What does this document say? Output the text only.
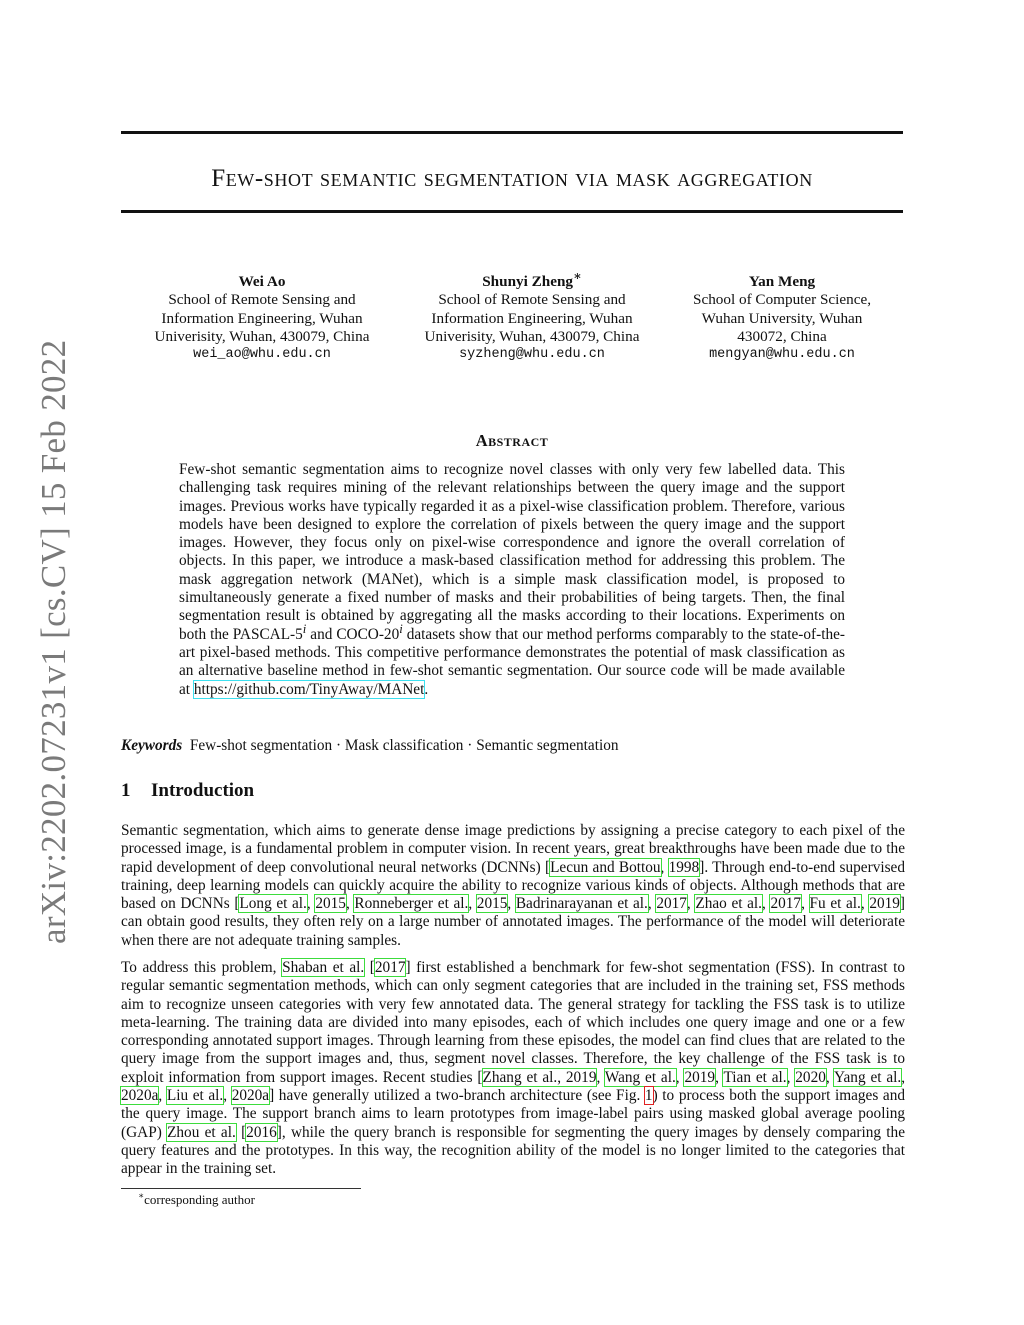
arXiv:2202.07231v1 [cs.CV] 15 Feb 2022
Few-shot semantic segmentation via mask aggregation
Wei Ao
School of Remote Sensing and
Information Engineering, Wuhan
Univerisity, Wuhan, 430079, China
wei_ao@whu.edu.cn
Shunyi Zheng∗
School of Remote Sensing and
Information Engineering, Wuhan
Univerisity, Wuhan, 430079, China
syzheng@whu.edu.cn
Yan Meng
School of Computer Science,
Wuhan University, Wuhan
430072, China
mengyan@whu.edu.cn
Abstract
Few-shot semantic segmentation aims to recognize novel classes with only very few labelled data. This challenging task requires mining of the relevant relationships between the query image and the support images. Previous works have typically regarded it as a pixel-wise classification problem. Therefore, various models have been designed to explore the correlation of pixels between the query image and the support images. However, they focus only on pixel-wise correspondence and ignore the overall correlation of objects. In this paper, we introduce a mask-based classification method for addressing this problem. The mask aggregation network (MANet), which is a simple mask classification model, is proposed to simultaneously generate a fixed number of masks and their probabilities of being targets. Then, the final segmentation result is obtained by aggregating all the masks according to their locations. Experiments on both the PASCAL-5$^i$ and COCO-20$^i$ datasets show that our method performs comparably to the state-of-the-art pixel-based methods. This competitive performance demonstrates the potential of mask classification as an alternative baseline method in few-shot semantic segmentation. Our source code will be made available at https://github.com/TinyAway/MANet.
Keywords Few-shot segmentation · Mask classification · Semantic segmentation
1 Introduction
Semantic segmentation, which aims to generate dense image predictions by assigning a precise category to each pixel of the processed image, is a fundamental problem in computer vision. In recent years, great breakthroughs have been made due to the rapid development of deep convolutional neural networks (DCNNs) [Lecun and Bottou, 1998]. Through end-to-end supervised training, deep learning models can quickly acquire the ability to recognize various kinds of objects. Although methods that are based on DCNNs [Long et al., 2015, Ronneberger et al., 2015, Badrinarayanan et al., 2017, Zhao et al., 2017, Fu et al., 2019] can obtain good results, they often rely on a large number of annotated images. The performance of the model will deteriorate when there are not adequate training samples.
To address this problem, Shaban et al. [2017] first established a benchmark for few-shot segmentation (FSS). In contrast to regular semantic segmentation methods, which can only segment categories that are included in the training set, FSS methods aim to recognize unseen categories with very few annotated data. The general strategy for tackling the FSS task is to utilize meta-learning. The training data are divided into many episodes, each of which includes one query image and one or a few corresponding annotated support images. Through learning from these episodes, the model can find clues that are related to the query image from the support images and, thus, segment novel classes. Therefore, the key challenge of the FSS task is to exploit information from support images. Recent studies [Zhang et al., 2019, Wang et al., 2019, Tian et al., 2020, Yang et al., 2020a, Liu et al., 2020a] have generally utilized a two-branch architecture (see Fig. 1) to process both the support images and the query image. The support branch aims to learn prototypes from image-label pairs using masked global average pooling (GAP) Zhou et al. [2016], while the query branch is responsible for segmenting the query images by densely comparing the query features and the prototypes. In this way, the recognition ability of the model is no longer limited to the categories that appear in the training set.
∗corresponding author
